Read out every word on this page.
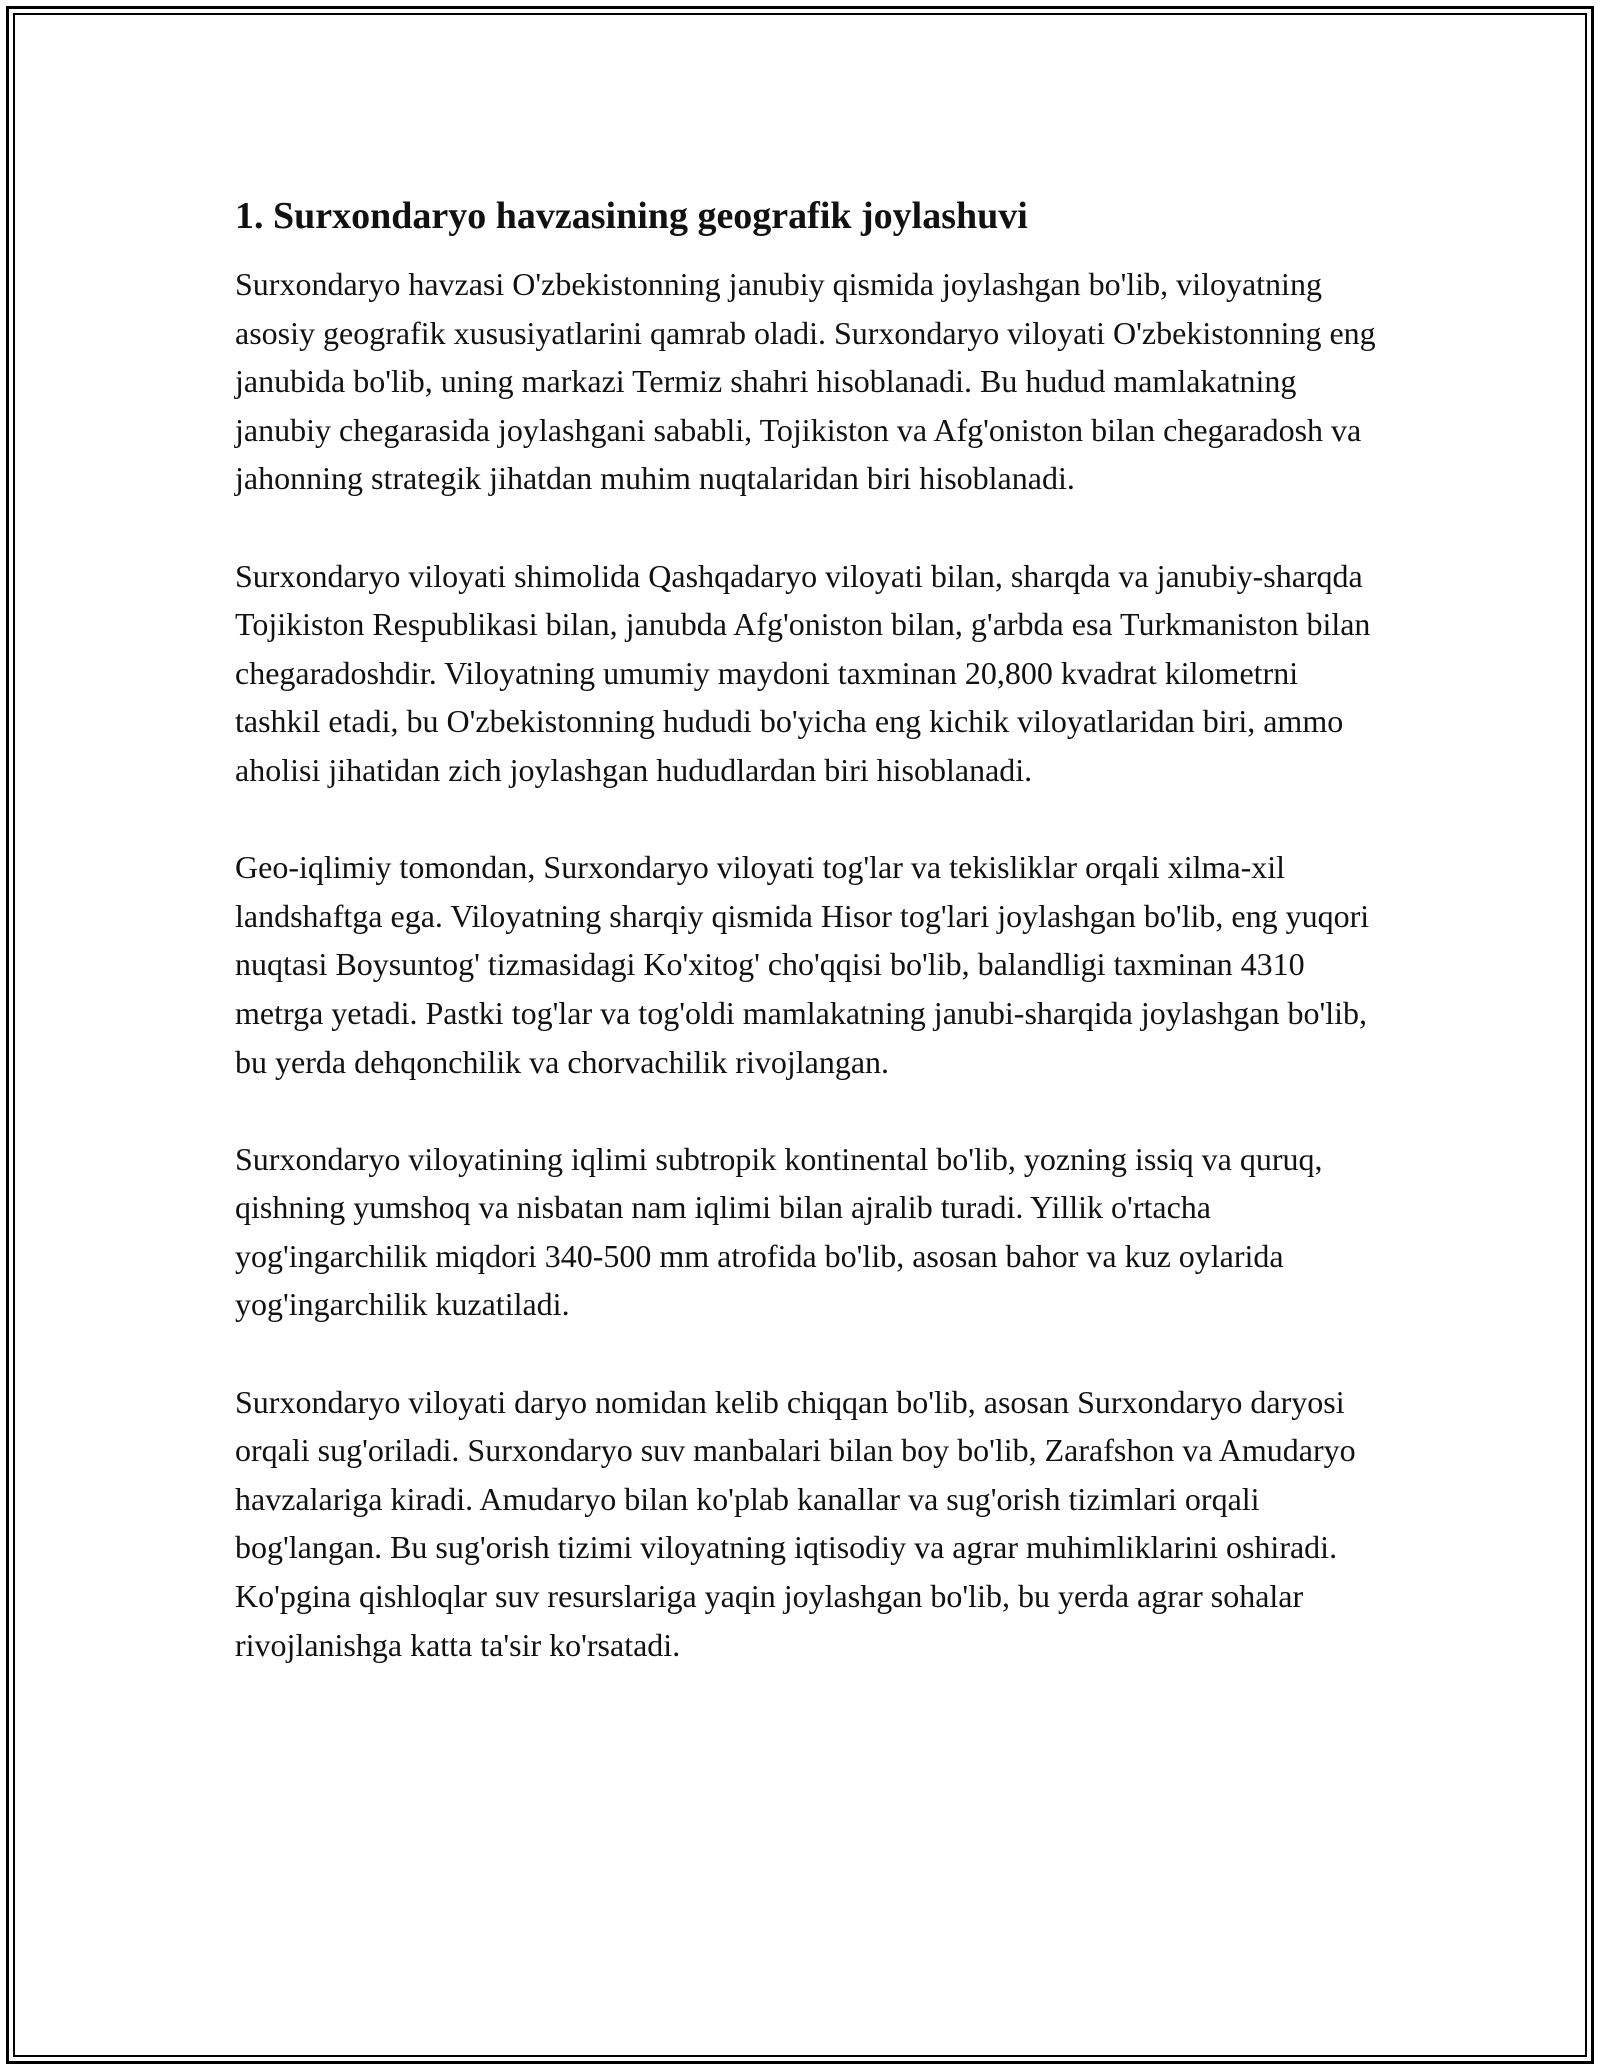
1. Surxondaryo havzasining geografik joylashuvi

Surxondaryo havzasi O'zbekistonning janubiy qismida joylashgan bo'lib, viloyatning asosiy geografik xususiyatlarini qamrab oladi. Surxondaryo viloyati O'zbekistonning eng janubida bo'lib, uning markazi Termiz shahri hisoblanadi. Bu hudud mamlakatning janubiy chegarasida joylashgani sababli, Tojikiston va Afg'oniston bilan chegaradosh va jahonning strategik jihatdan muhim nuqtalaridan biri hisoblanadi.

Surxondaryo viloyati shimolida Qashqadaryo viloyati bilan, sharqda va janubiy-sharqda Tojikiston Respublikasi bilan, janubda Afg'oniston bilan, g'arbda esa Turkmaniston bilan chegaradoshdir. Viloyatning umumiy maydoni taxminan 20,800 kvadrat kilometrni tashkil etadi, bu O'zbekistonning hududi bo'yicha eng kichik viloyatlaridan biri, ammo aholisi jihatidan zich joylashgan hududlardan biri hisoblanadi.

Geo-iqlimiy tomondan, Surxondaryo viloyati tog'lar va tekisliklar orqali xilma-xil landshaftga ega. Viloyatning sharqiy qismida Hisor tog'lari joylashgan bo'lib, eng yuqori nuqtasi Boysuntog' tizmasidagi Ko'xitog' cho'qqisi bo'lib, balandligi taxminan 4310 metrga yetadi. Pastki tog'lar va tog'oldi mamlakatning janubi-sharqida joylashgan bo'lib, bu yerda dehqonchilik va chorvachilik rivojlangan.

Surxondaryo viloyatining iqlimi subtropik kontinental bo'lib, yozning issiq va quruq, qishning yumshoq va nisbatan nam iqlimi bilan ajralib turadi. Yillik o'rtacha yog'ingarchilik miqdori 340-500 mm atrofida bo'lib, asosan bahor va kuz oylarida yog'ingarchilik kuzatiladi.

Surxondaryo viloyati daryo nomidan kelib chiqqan bo'lib, asosan Surxondaryo daryosi orqali sug'oriladi. Surxondaryo suv manbalari bilan boy bo'lib, Zarafshon va Amudaryo havzalariga kiradi. Amudaryo bilan ko'plab kanallar va sug'orish tizimlari orqali bog'langan. Bu sug'orish tizimi viloyatning iqtisodiy va agrar muhimliklarini oshiradi. Ko'pgina qishloqlar suv resurslariga yaqin joylashgan bo'lib, bu yerda agrar sohalar rivojlanishga katta ta'sir ko'rsatadi.
